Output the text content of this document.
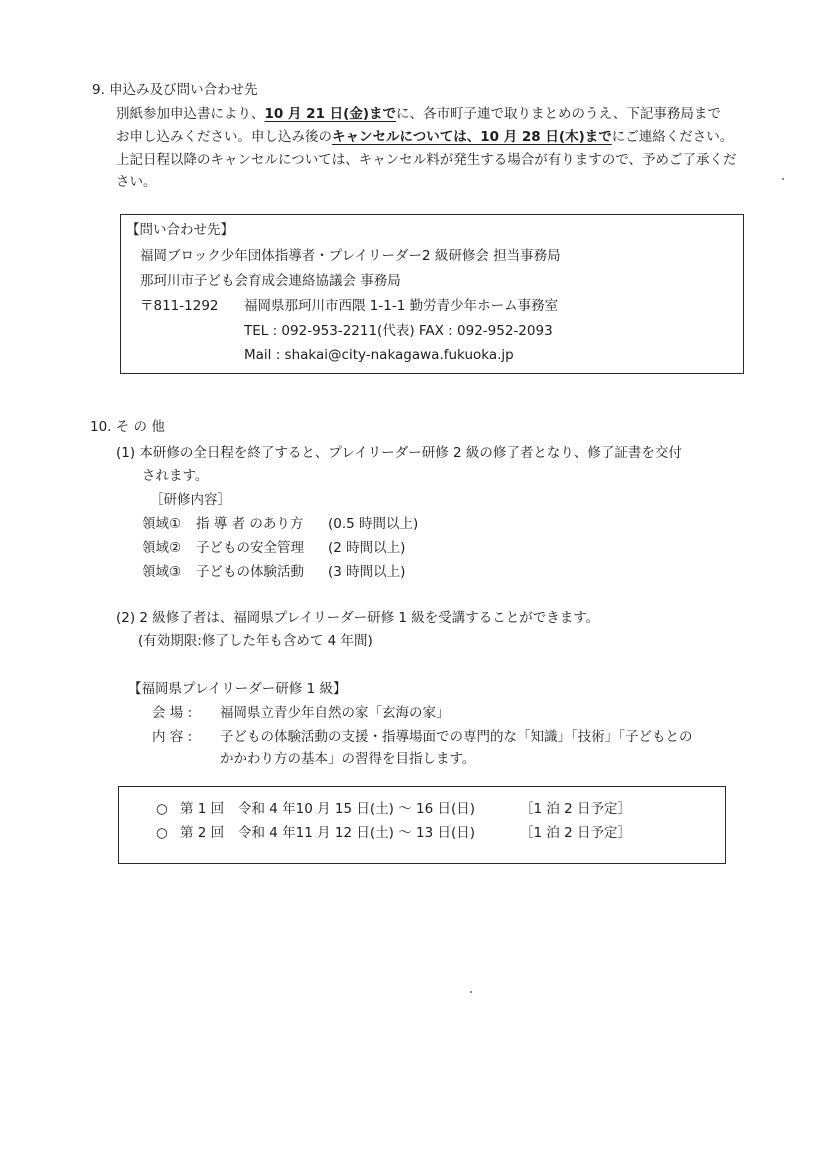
9. 申込み及び問い合わせ先
別紙参加申込書により、10 月 21 日(金)までに、各市町子連で取りまとめのうえ、下記事務局まで
お申し込みください。申し込み後のキャンセルについては、10 月 28 日(木)までにご連絡ください。
上記日程以降のキャンセルについては、キャンセル料が発生する場合が有りますので、予めご了承くだ
さい。
【問い合わせ先】
福岡ブロック少年団体指導者・プレイリーダー2 級研修会 担当事務局
那珂川市子ども会育成会連絡協議会 事務局
〒811-1292 福岡県那珂川市西隈 1-1-1 勤労青少年ホーム事務室
TEL : 092-953-2211(代表) FAX : 092-952-2093
Mail : shakai@city-nakagawa.fukuoka.jp
10. そ の 他
(1) 本研修の全日程を終了すると、プレイリーダー研修 2 級の修了者となり、修了証書を交付
されます。
［研修内容］
領域① 指 導 者 のあり方 (0.5 時間以上)
領域② 子どもの安全管理 (2 時間以上)
領域③ 子どもの体験活動 (3 時間以上)
(2) 2 級修了者は、福岡県プレイリーダー研修 1 級を受講することができます。
(有効期限:修了した年も含めて 4 年間)
【福岡県プレイリーダー研修 1 級】
会 場 : 福岡県立青少年自然の家「玄海の家」
内 容 : 子どもの体験活動の支援・指導場面での専門的な「知識」「技術」「子どもとの
かかわり方の基本」の習得を目指します。
○ 第 1 回 令和 4 年10 月 15 日(土) ～ 16 日(日)	［1 泊 2 日予定］
○ 第 2 回 令和 4 年11 月 12 日(土) ～ 13 日(日)	［1 泊 2 日予定］
